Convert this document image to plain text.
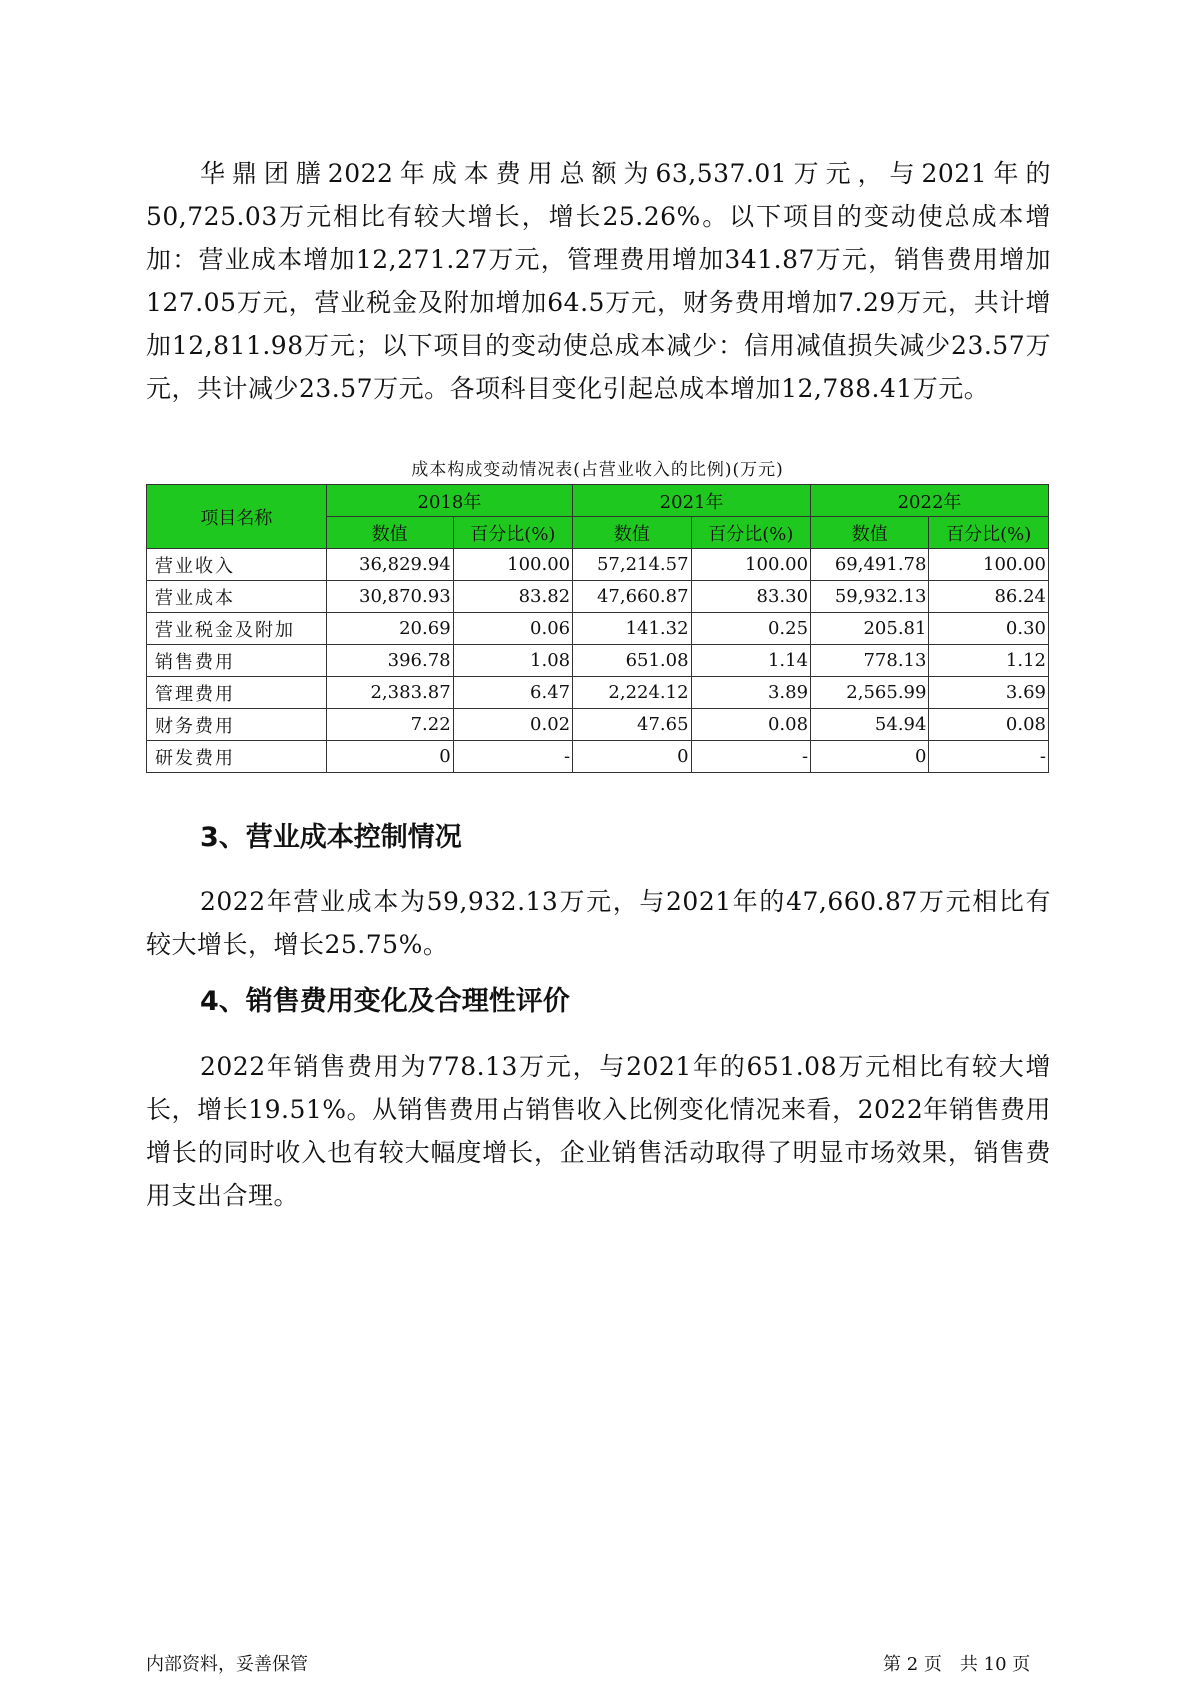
华鼎团膳2022年成本费用总额为63,537.01万元，与2021年的50,725.03万元相比有较大增长，增长25.26%。以下项目的变动使总成本增加：营业成本增加12,271.27万元，管理费用增加341.87万元，销售费用增加127.05万元，营业税金及附加增加64.5万元，财务费用增加7.29万元，共计增加12,811.98万元；以下项目的变动使总成本减少：信用减值损失减少23.57万元，共计减少23.57万元。各项科目变化引起总成本增加12,788.41万元。

成本构成变动情况表(占营业收入的比例)(万元)

项目名称	2018年		2021年		2022年	
	数值	百分比(%)	数值	百分比(%)	数值	百分比(%)
营业收入	36,829.94	100.00	57,214.57	100.00	69,491.78	100.00
营业成本	30,870.93	83.82	47,660.87	83.30	59,932.13	86.24
营业税金及附加	20.69	0.06	141.32	0.25	205.81	0.30
销售费用	396.78	1.08	651.08	1.14	778.13	1.12
管理费用	2,383.87	6.47	2,224.12	3.89	2,565.99	3.69
财务费用	7.22	0.02	47.65	0.08	54.94	0.08
研发费用	0	-	0	-	0	-
3、营业成本控制情况

2022年营业成本为59,932.13万元，与2021年的47,660.87万元相比有较大增长，增长25.75%。

4、销售费用变化及合理性评价

2022年销售费用为778.13万元，与2021年的651.08万元相比有较大增长，增长19.51%。从销售费用占销售收入比例变化情况来看，2022年销售费用增长的同时收入也有较大幅度增长，企业销售活动取得了明显市场效果，销售费用支出合理。

内部资料，妥善保管	第 2 页　共 10 页
